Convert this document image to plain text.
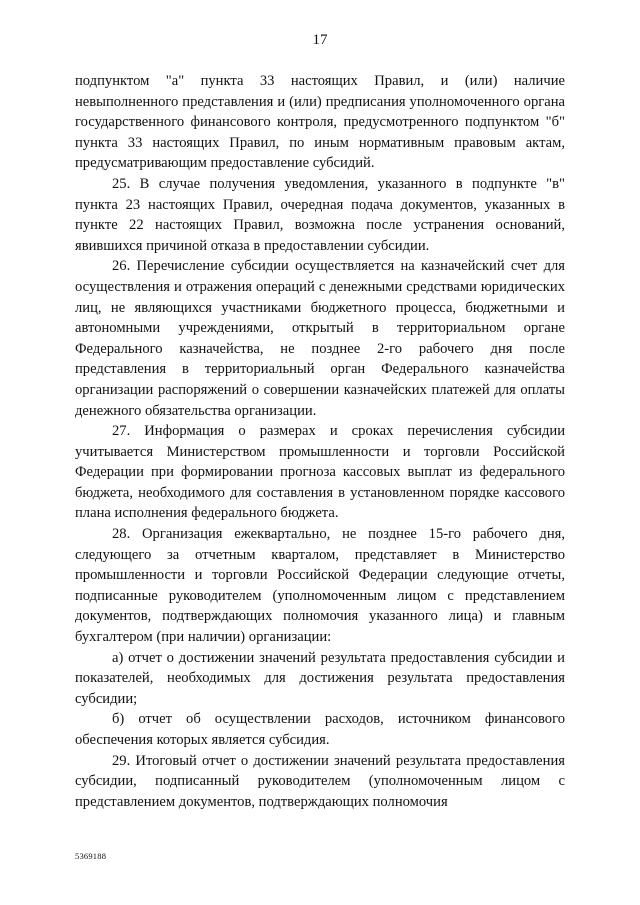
17

подпунктом "а" пункта 33 настоящих Правил, и (или) наличие невыполненного представления и (или) предписания уполномоченного органа государственного финансового контроля, предусмотренного подпунктом "б" пункта 33 настоящих Правил, по иным нормативным правовым актам, предусматривающим предоставление субсидий.

25. В случае получения уведомления, указанного в подпункте "в" пункта 23 настоящих Правил, очередная подача документов, указанных в пункте 22 настоящих Правил, возможна после устранения оснований, явившихся причиной отказа в предоставлении субсидии.

26. Перечисление субсидии осуществляется на казначейский счет для осуществления и отражения операций с денежными средствами юридических лиц, не являющихся участниками бюджетного процесса, бюджетными и автономными учреждениями, открытый в территориальном органе Федерального казначейства, не позднее 2-го рабочего дня после представления в территориальный орган Федерального казначейства организации распоряжений о совершении казначейских платежей для оплаты денежного обязательства организации.

27. Информация о размерах и сроках перечисления субсидии учитывается Министерством промышленности и торговли Российской Федерации при формировании прогноза кассовых выплат из федерального бюджета, необходимого для составления в установленном порядке кассового плана исполнения федерального бюджета.

28. Организация ежеквартально, не позднее 15-го рабочего дня, следующего за отчетным кварталом, представляет в Министерство промышленности и торговли Российской Федерации следующие отчеты, подписанные руководителем (уполномоченным лицом с представлением документов, подтверждающих полномочия указанного лица) и главным бухгалтером (при наличии) организации:

а) отчет о достижении значений результата предоставления субсидии и показателей, необходимых для достижения результата предоставления субсидии;

б) отчет об осуществлении расходов, источником финансового обеспечения которых является субсидия.

29. Итоговый отчет о достижении значений результата предоставления субсидии, подписанный руководителем (уполномоченным лицом с представлением документов, подтверждающих полномочия

5369188
